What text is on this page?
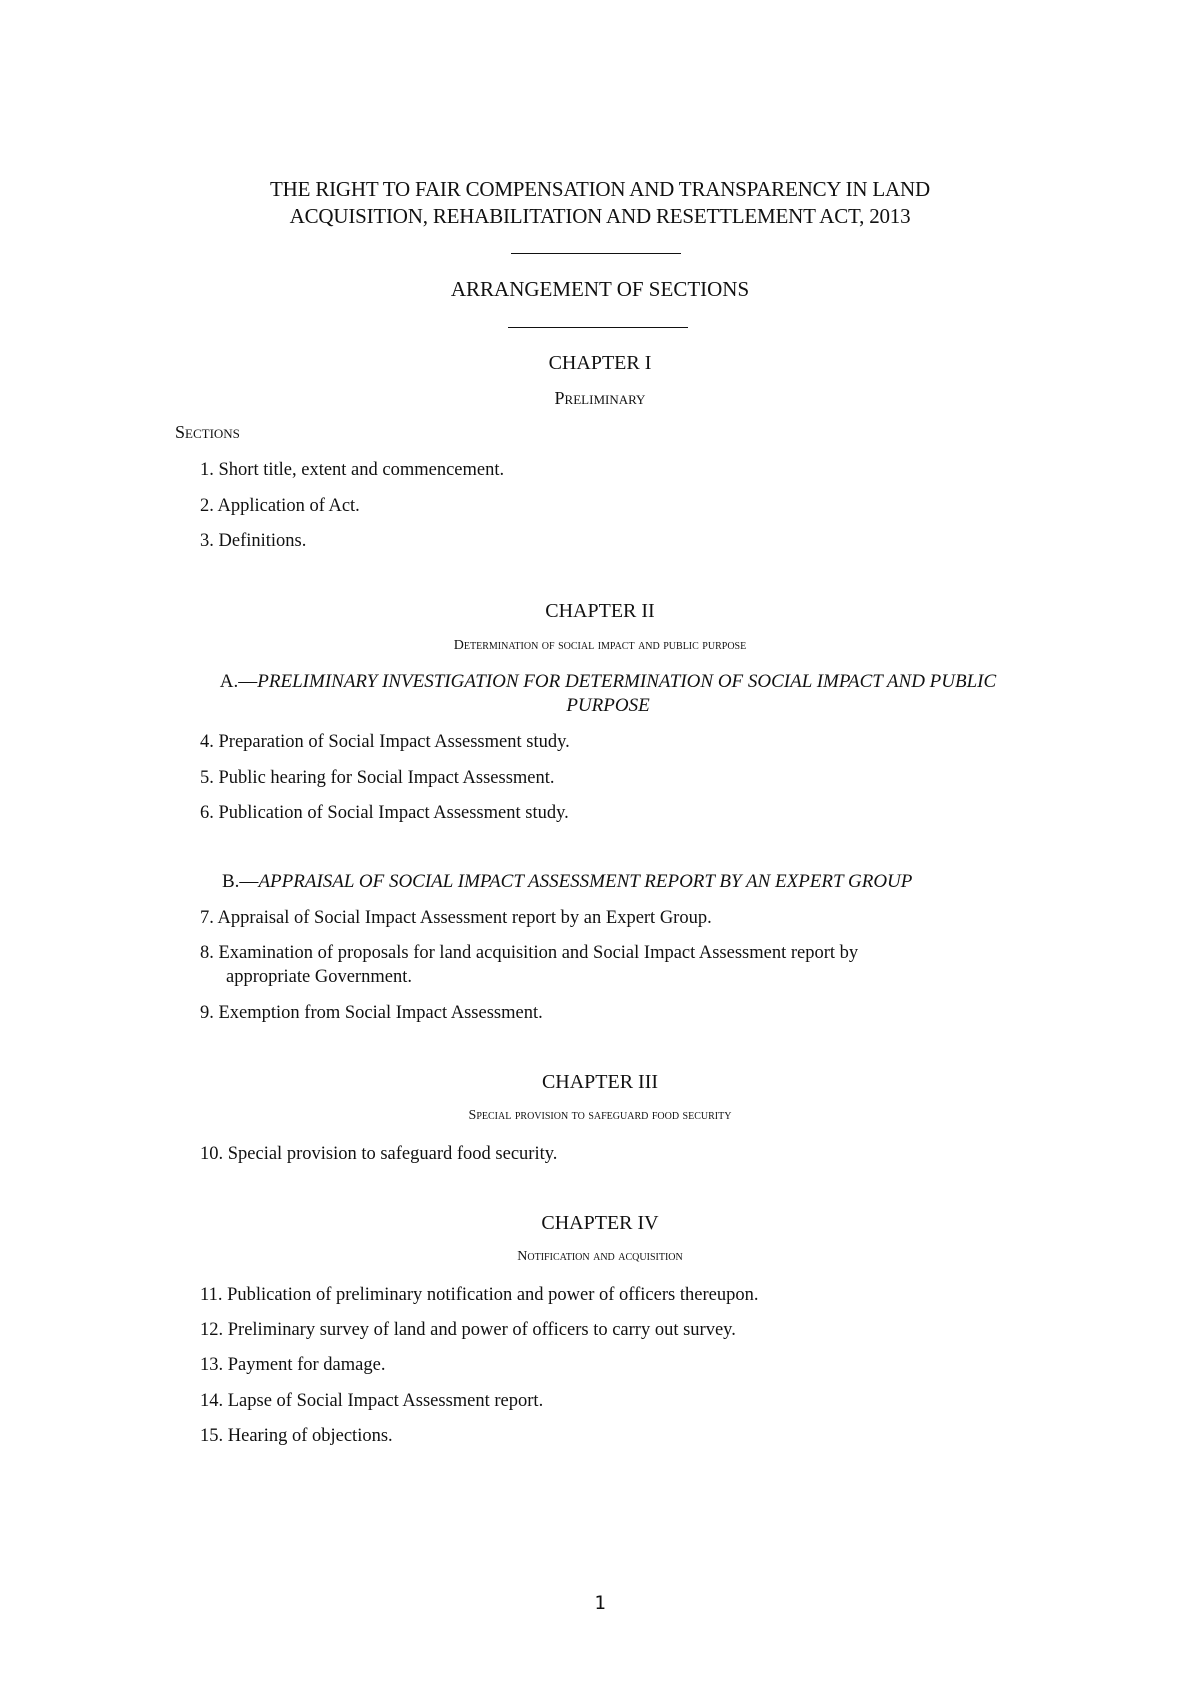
THE RIGHT TO FAIR COMPENSATION AND TRANSPARENCY IN LAND
ACQUISITION, REHABILITATION AND RESETTLEMENT ACT, 2013
ARRANGEMENT OF SECTIONS
CHAPTER I
Preliminary
Sections
1. Short title, extent and commencement.
2. Application of Act.
3. Definitions.
CHAPTER II
Determination of social impact and public purpose
A.—PRELIMINARY INVESTIGATION FOR DETERMINATION OF SOCIAL IMPACT AND PUBLIC
PURPOSE
4. Preparation of Social Impact Assessment study.
5. Public hearing for Social Impact Assessment.
6. Publication of Social Impact Assessment study.
B.—APPRAISAL OF SOCIAL IMPACT ASSESSMENT REPORT BY AN EXPERT GROUP
7. Appraisal of Social Impact Assessment report by an Expert Group.
8. Examination of proposals for land acquisition and Social Impact Assessment report by
appropriate Government.
9. Exemption from Social Impact Assessment.
CHAPTER III
Special provision to safeguard food security
10. Special provision to safeguard food security.
CHAPTER IV
Notification and acquisition
11. Publication of preliminary notification and power of officers thereupon.
12. Preliminary survey of land and power of officers to carry out survey.
13. Payment for damage.
14. Lapse of Social Impact Assessment report.
15. Hearing of objections.
1
